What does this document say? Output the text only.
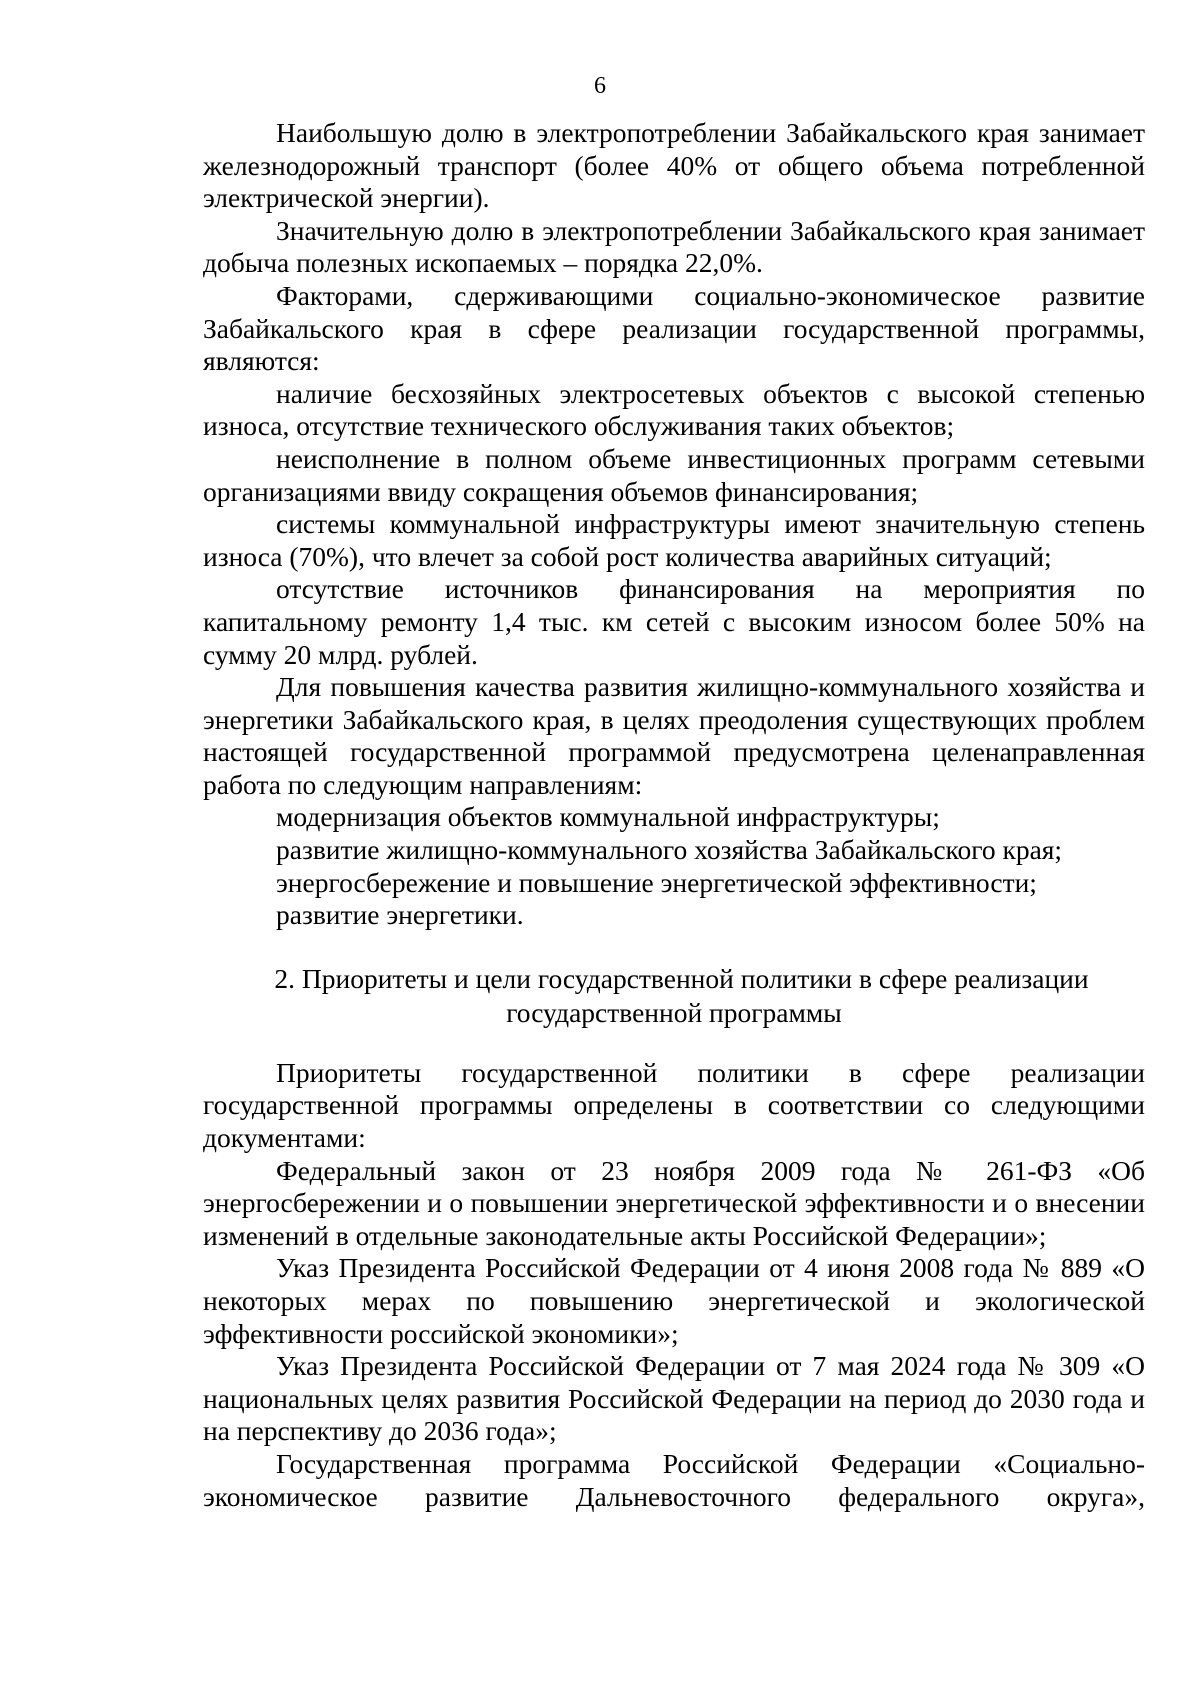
6

Наибольшую долю в электропотреблении Забайкальского края занимает железнодорожный транспорт (более 40% от общего объема потребленной электрической энергии).

Значительную долю в электропотреблении Забайкальского края занимает добыча полезных ископаемых – порядка 22,0%.

Факторами, сдерживающими социально-экономическое развитие Забайкальского края в сфере реализации государственной программы, являются:

наличие бесхозяйных электросетевых объектов с высокой степенью износа, отсутствие технического обслуживания таких объектов;

неисполнение в полном объеме инвестиционных программ сетевыми организациями ввиду сокращения объемов финансирования;

системы коммунальной инфраструктуры имеют значительную степень износа (70%), что влечет за собой рост количества аварийных ситуаций;

отсутствие источников финансирования на мероприятия по капитальному ремонту 1,4 тыс. км сетей с высоким износом более 50% на сумму 20 млрд. рублей.

Для повышения качества развития жилищно-коммунального хозяйства и энергетики Забайкальского края, в целях преодоления существующих проблем настоящей государственной программой предусмотрена целенаправленная работа по следующим направлениям:

модернизация объектов коммунальной инфраструктуры;

развитие жилищно-коммунального хозяйства Забайкальского края;

энергосбережение и повышение энергетической эффективности;

развитие энергетики.

2. Приоритеты и цели государственной политики в сфере реализации
государственной программы

Приоритеты государственной политики в сфере реализации государственной программы определены в соответствии со следующими документами:

Федеральный закон от 23 ноября 2009 года № 261-ФЗ «Об энергосбережении и о повышении энергетической эффективности и о внесении изменений в отдельные законодательные акты Российской Федерации»;

Указ Президента Российской Федерации от 4 июня 2008 года № 889 «О некоторых мерах по повышению энергетической и экологической эффективности российской экономики»;

Указ Президента Российской Федерации от 7 мая 2024 года № 309 «О национальных целях развития Российской Федерации на период до 2030 года и на перспективу до 2036 года»;

Государственная программа Российской Федерации «Социально-экономическое развитие Дальневосточного федерального округа»,
